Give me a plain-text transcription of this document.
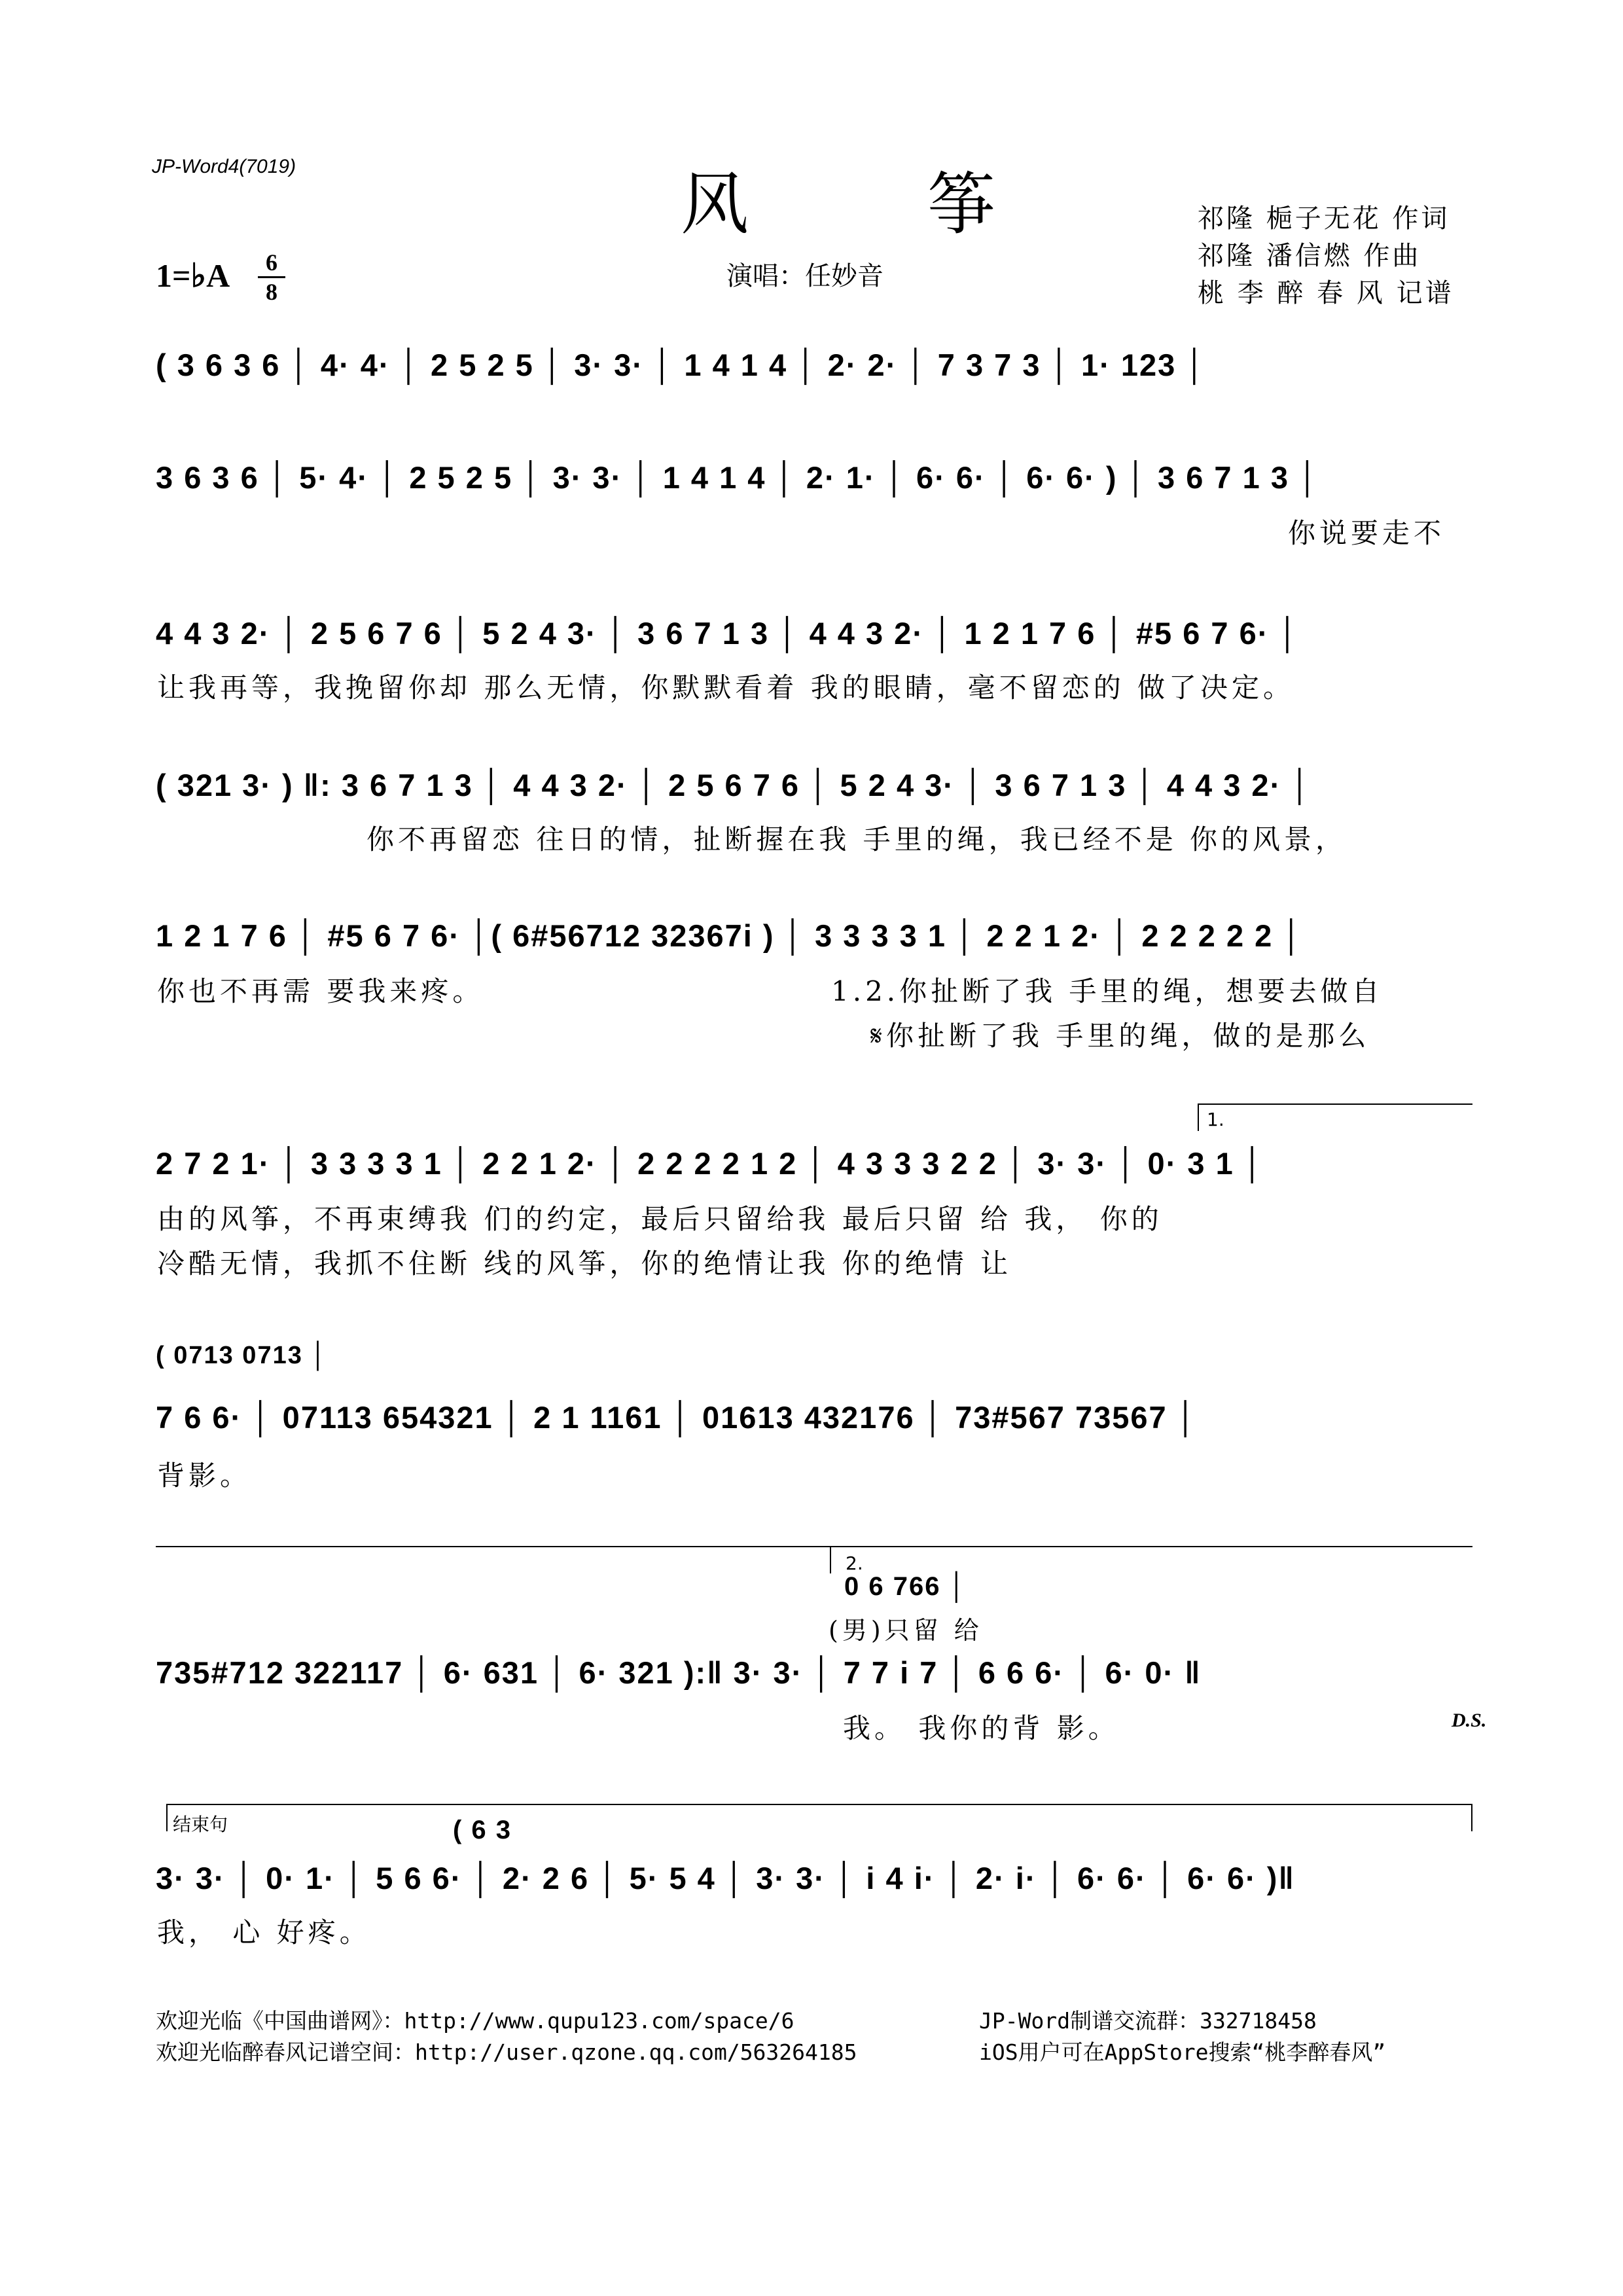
JP-Word4(7019)	风 筝	祁隆 梔子无花 作词
祁隆 潘信燃 作曲
桃 李 醉 春 风 记谱
1=♭A	6
8
演唱：任妙音
( 3 6 3 6 │ 4· 4· │ 2 5 2 5 │ 3· 3· │ 1 4 1 4 │ 2· 2· │ 7 3 7 3 │ 1· 123 │
3 6 3 6 │ 5· 4· │ 2 5 2 5 │ 3· 3· │ 1 4 1 4 │ 2· 1· │ 6· 6· │ 6· 6· ) │ 3 6 7 1 3 │
你说要走不
4 4 3 2· │ 2 5 6 7 6 │ 5 2 4 3· │ 3 6 7 1 3 │ 4 4 3 2· │ 1 2 1 7 6 │ #5 6 7 6· │
让我再等，我挽留你却 那么无情，你默默看着 我的眼睛，毫不留恋的 做了决定。
( 321 3· ) ‖: 3 6 7 1 3 │ 4 4 3 2· │ 2 5 6 7 6 │ 5 2 4 3· │ 3 6 7 1 3 │ 4 4 3 2· │
你不再留恋 往日的情，扯断握在我 手里的绳，我已经不是 你的风景，
1 2 1 7 6 │ #5 6 7 6· │( 6#56712 32367i ) │ 3 3 3 3 1 │ 2 2 1 2· │ 2 2 2 2 2 │
你也不再需 要我来疼。	1.2.你扯断了我 手里的绳，想要去做自
𝄋你扯断了我 手里的绳，做的是那么
1.
2 7 2 1· │ 3 3 3 3 1 │ 2 2 1 2· │ 2 2 2 2 1 2 │ 4 3 3 3 2 2 │ 3· 3· │ 0· 3 1 │
由的风筝，不再束缚我 们的约定，最后只留给我 最后只留 给 我， 你的
冷酷无情，我抓不住断 线的风筝，你的绝情让我 你的绝情 让
( 0713 0713 │
7 6 6· │ 07113 654321 │ 2 1 1161 │ 01613 432176 │ 73#567 73567 │
背影。
2.
0 6 766 │
(男)只留 给
735#712 322117 │ 6· 631 │ 6· 321 ):‖ 3· 3· │ 7 7 i 7 │ 6 6 6· │ 6· 0· ‖
我。 我你的背 影。	D.S.
结束句	( 6 3
3· 3· │ 0· 1· │ 5 6 6· │ 2· 2 6 │ 5· 5 4 │ 3· 3· │ i 4 i· │ 2· i· │ 6· 6· │ 6· 6· )‖
我， 心 好疼。
欢迎光临《中国曲谱网》：http://www.qupu123.com/space/6	JP-Word制谱交流群：332718458
欢迎光临醉春风记谱空间：http://user.qzone.qq.com/563264185	iOS用户可在AppStore搜索“桃李醉春风”
